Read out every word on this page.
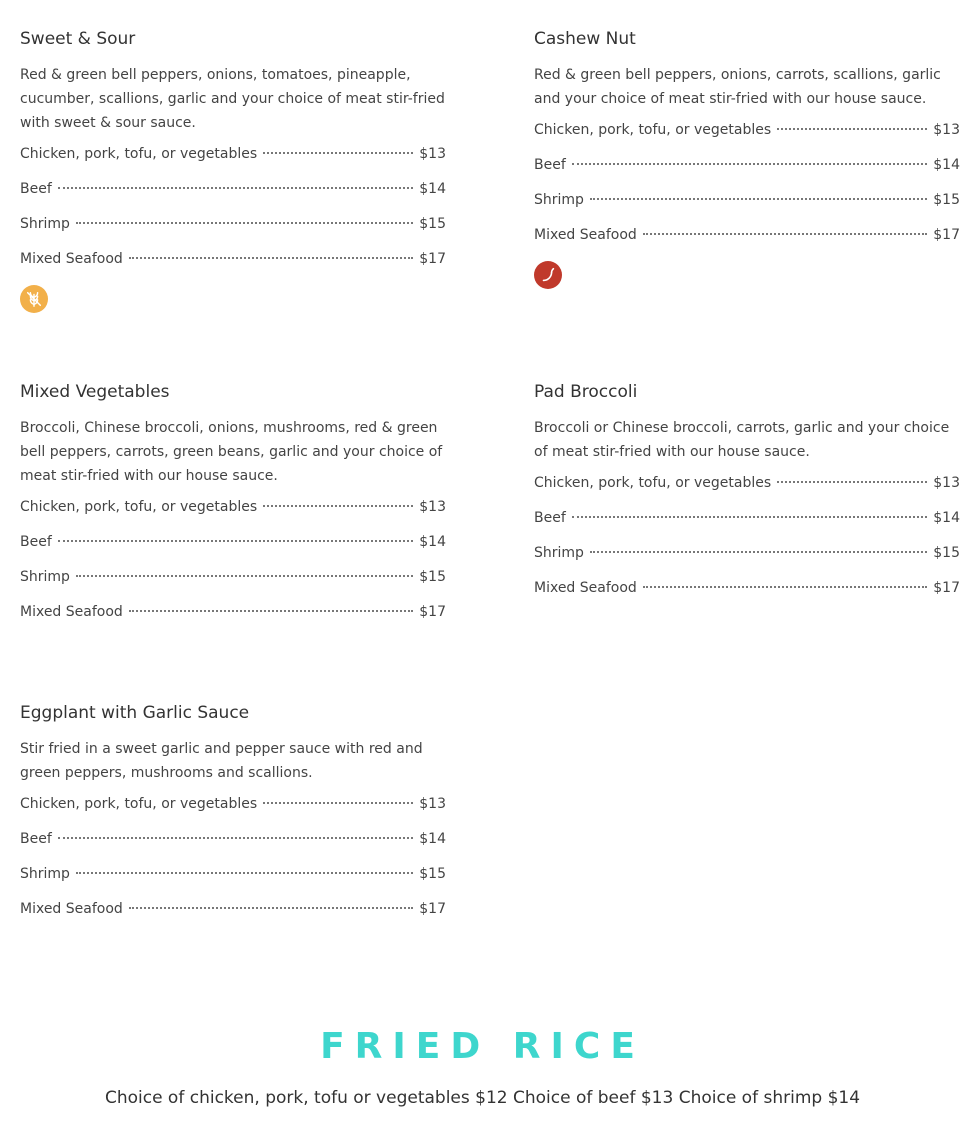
Sweet & Sour

Red & green bell peppers, onions, tomatoes, pineapple, cucumber, scallions, garlic and your choice of meat stir-fried with sweet & sour sauce.

Chicken, pork, tofu, or vegetables	$13
Beef	$14
Shrimp	$15
Mixed Seafood	$17
Cashew Nut

Red & green bell peppers, onions, carrots, scallions, garlic and your choice of meat stir-fried with our house sauce.

Chicken, pork, tofu, or vegetables	$13
Beef	$14
Shrimp	$15
Mixed Seafood	$17
Mixed Vegetables

Broccoli, Chinese broccoli, onions, mushrooms, red & green bell peppers, carrots, green beans, garlic and your choice of meat stir-fried with our house sauce.

Chicken, pork, tofu, or vegetables	$13
Beef	$14
Shrimp	$15
Mixed Seafood	$17
Pad Broccoli

Broccoli or Chinese broccoli, carrots, garlic and your choice of meat stir-fried with our house sauce.

Chicken, pork, tofu, or vegetables	$13
Beef	$14
Shrimp	$15
Mixed Seafood	$17
Eggplant with Garlic Sauce

Stir fried in a sweet garlic and pepper sauce with red and green peppers, mushrooms and scallions.

Chicken, pork, tofu, or vegetables	$13
Beef	$14
Shrimp	$15
Mixed Seafood	$17
FRIED RICE

Choice of chicken, pork, tofu or vegetables $12 Choice of beef $13 Choice of shrimp $14
